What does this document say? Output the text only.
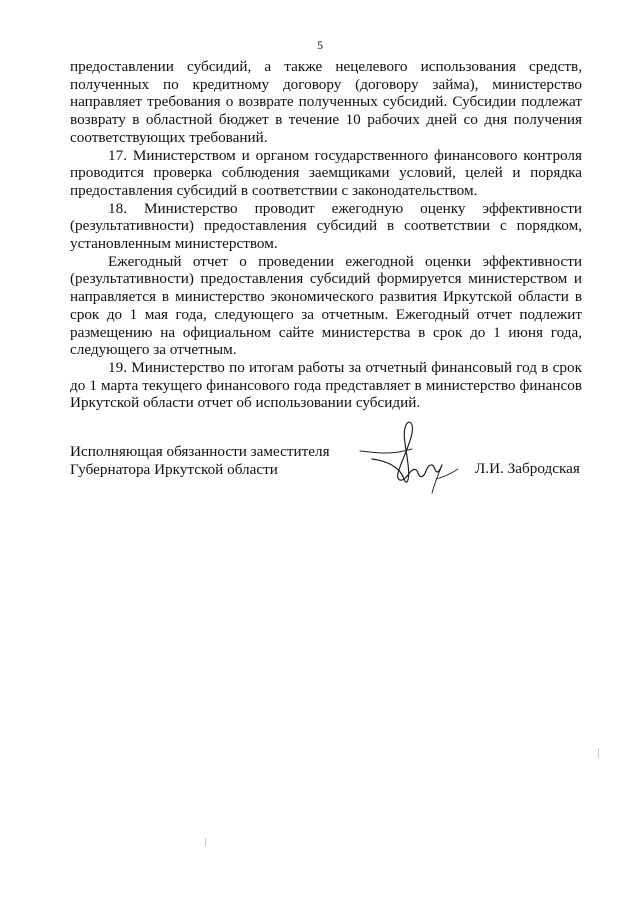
5

предоставлении субсидий, а также нецелевого использования средств, полученных по кредитному договору (договору займа), министерство направляет требования о возврате полученных субсидий. Субсидии подлежат возврату в областной бюджет в течение 10 рабочих дней со дня получения соответствующих требований.

17. Министерством и органом государственного финансового контроля проводится проверка соблюдения заемщиками условий, целей и порядка предоставления субсидий в соответствии с законодательством.

18. Министерство проводит ежегодную оценку эффективности (результативности) предоставления субсидий в соответствии с порядком, установленным министерством.

Ежегодный отчет о проведении ежегодной оценки эффективности (результативности) предоставления субсидий формируется министерством и направляется в министерство экономического развития Иркутской области в срок до 1 мая года, следующего за отчетным. Ежегодный отчет подлежит размещению на официальном сайте министерства в срок до 1 июня года, следующего за отчетным.

19. Министерство по итогам работы за отчетный финансовый год в срок до 1 марта текущего финансового года представляет в министерство финансов Иркутской области отчет об использовании субсидий.

Исполняющая обязанности заместителя
Губернатора Иркутской области	Л.И. Забродская
